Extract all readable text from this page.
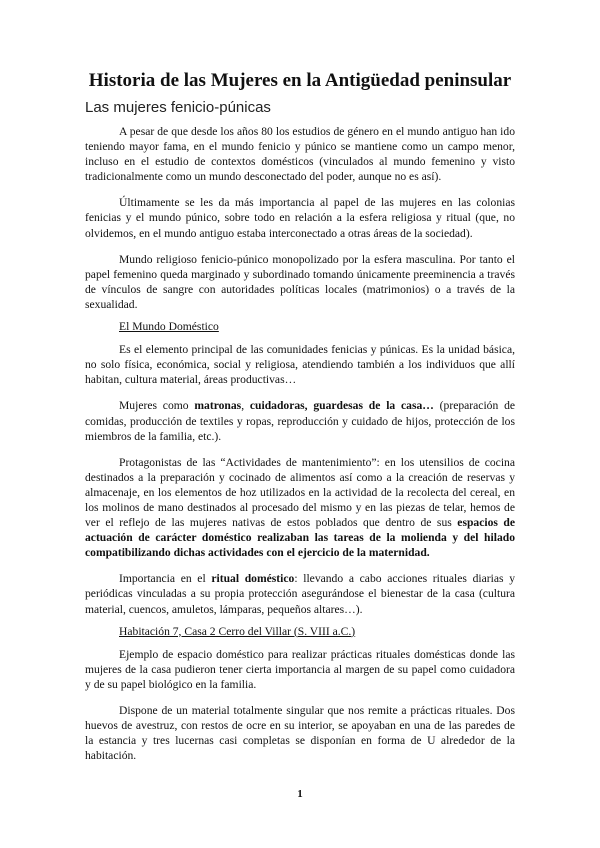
Historia de las Mujeres en la Antigüedad peninsular
Las mujeres fenicio-púnicas

A pesar de que desde los años 80 los estudios de género en el mundo antiguo han ido teniendo mayor fama, en el mundo fenicio y púnico se mantiene como un campo menor, incluso en el estudio de contextos domésticos (vinculados al mundo femenino y visto tradicionalmente como un mundo desconectado del poder, aunque no es así).

Últimamente se les da más importancia al papel de las mujeres en las colonias fenicias y el mundo púnico, sobre todo en relación a la esfera religiosa y ritual (que, no olvidemos, en el mundo antiguo estaba interconectado a otras áreas de la sociedad).

Mundo religioso fenicio-púnico monopolizado por la esfera masculina. Por tanto el papel femenino queda marginado y subordinado tomando únicamente preeminencia a través de vínculos de sangre con autoridades políticas locales (matrimonios) o a través de la sexualidad.

El Mundo Doméstico

Es el elemento principal de las comunidades fenicias y púnicas. Es la unidad básica, no solo física, económica, social y religiosa, atendiendo también a los individuos que allí habitan, cultura material, áreas productivas…

Mujeres como matronas, cuidadoras, guardesas de la casa… (preparación de comidas, producción de textiles y ropas, reproducción y cuidado de hijos, protección de los miembros de la familia, etc.).

Protagonistas de las “Actividades de mantenimiento”: en los utensilios de cocina destinados a la preparación y cocinado de alimentos así como a la creación de reservas y almacenaje, en los elementos de hoz utilizados en la actividad de la recolecta del cereal, en los molinos de mano destinados al procesado del mismo y en las piezas de telar, hemos de ver el reflejo de las mujeres nativas de estos poblados que dentro de sus espacios de actuación de carácter doméstico realizaban las tareas de la molienda y del hilado compatibilizando dichas actividades con el ejercicio de la maternidad.

Importancia en el ritual doméstico: llevando a cabo acciones rituales diarias y periódicas vinculadas a su propia protección asegurándose el bienestar de la casa (cultura material, cuencos, amuletos, lámparas, pequeños altares…).

Habitación 7, Casa 2 Cerro del Villar (S. VIII a.C.)

Ejemplo de espacio doméstico para realizar prácticas rituales domésticas donde las mujeres de la casa pudieron tener cierta importancia al margen de su papel como cuidadora y de su papel biológico en la familia.

Dispone de un material totalmente singular que nos remite a prácticas rituales. Dos huevos de avestruz, con restos de ocre en su interior, se apoyaban en una de las paredes de la estancia y tres lucernas casi completas se disponían en forma de U alrededor de la habitación.

1
